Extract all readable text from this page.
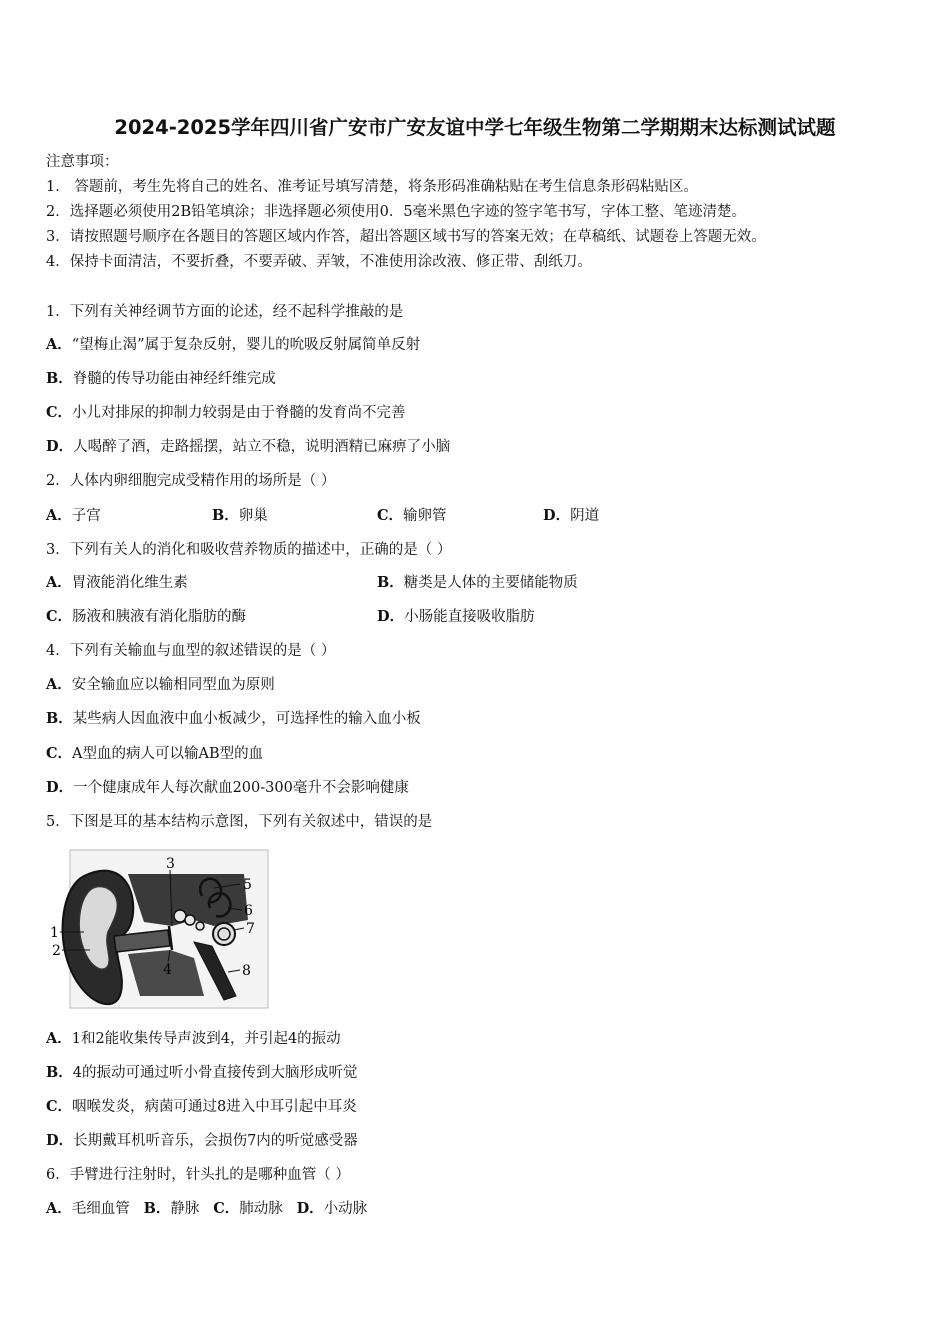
2024-2025学年四川省广安市广安友谊中学七年级生物第二学期期末达标测试试题
注意事项：
1． 答题前，考生先将自己的姓名、准考证号填写清楚，将条形码准确粘贴在考生信息条形码粘贴区。
2．选择题必须使用2B铅笔填涂；非选择题必须使用0．5毫米黑色字迹的签字笔书写，字体工整、笔迹清楚。
3．请按照题号顺序在各题目的答题区域内作答，超出答题区域书写的答案无效；在草稿纸、试题卷上答题无效。
4．保持卡面清洁，不要折叠，不要弄破、弄皱，不准使用涂改液、修正带、刮纸刀。
1．下列有关神经调节方面的论述，经不起科学推敲的是
A．“望梅止渴”属于复杂反射，婴儿的吮吸反射属简单反射
B．脊髓的传导功能由神经纤维完成
C．小儿对排尿的抑制力较弱是由于脊髓的发育尚不完善
D．人喝醉了酒，走路摇摆，站立不稳，说明酒精已麻痹了小脑
2．人体内卵细胞完成受精作用的场所是（ ）
A．子宫	B．卵巢	C．输卵管	D．阴道
3．下列有关人的消化和吸收营养物质的描述中，正确的是（ ）
A．胃液能消化维生素	B．糖类是人体的主要储能物质
C．肠液和胰液有消化脂肪的酶	D．小肠能直接吸收脂肪
4．下列有关输血与血型的叙述错误的是（ ）
A．安全输血应以输相同型血为原则
B．某些病人因血液中血小板减少，可选择性的输入血小板
C．A型血的病人可以输AB型的血
D．一个健康成年人每次献血200-300毫升不会影响健康
5．下图是耳的基本结构示意图，下列有关叙述中，错误的是
1
2
3
4
5
6
7
8
A．1和2能收集传导声波到4，并引起4的振动
B．4的振动可通过听小骨直接传到大脑形成听觉
C．咽喉发炎，病菌可通过8进入中耳引起中耳炎
D．长期戴耳机听音乐，会损伤7内的听觉感受器
6．手臂进行注射时，针头扎的是哪种血管（ ）
A．毛细血管 B．静脉 C．肺动脉 D．小动脉
